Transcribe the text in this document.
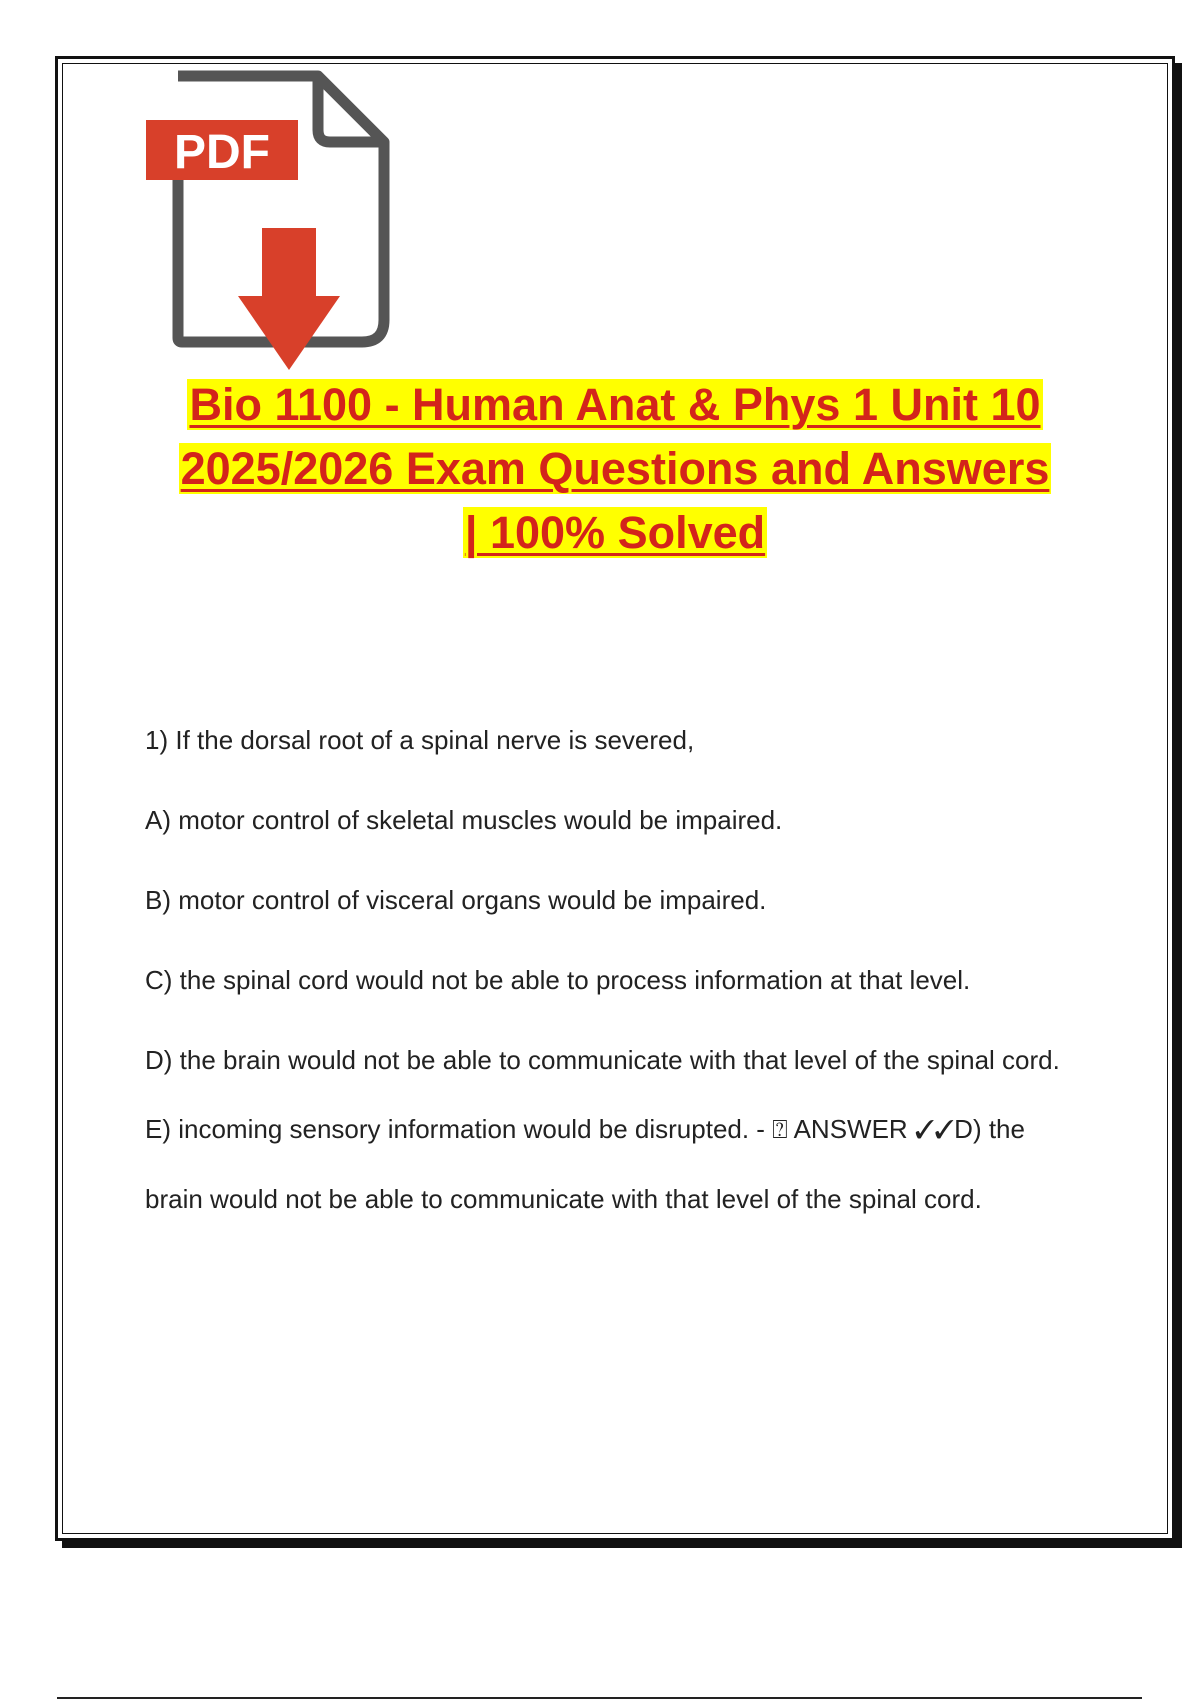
PDF
Bio 1100 - Human Anat & Phys 1 Unit 10
2025/2026 Exam Questions and Answers
| 100% Solved

1) If the dorsal root of a spinal nerve is severed,

A) motor control of skeletal muscles would be impaired.

B) motor control of visceral organs would be impaired.

C) the spinal cord would not be able to process information at that level.

D) the brain would not be able to communicate with that level of the spinal cord.

E) incoming sensory information would be disrupted. - ⍰ ANSWER ✓✓D) the brain would not be able to communicate with that level of the spinal cord.
